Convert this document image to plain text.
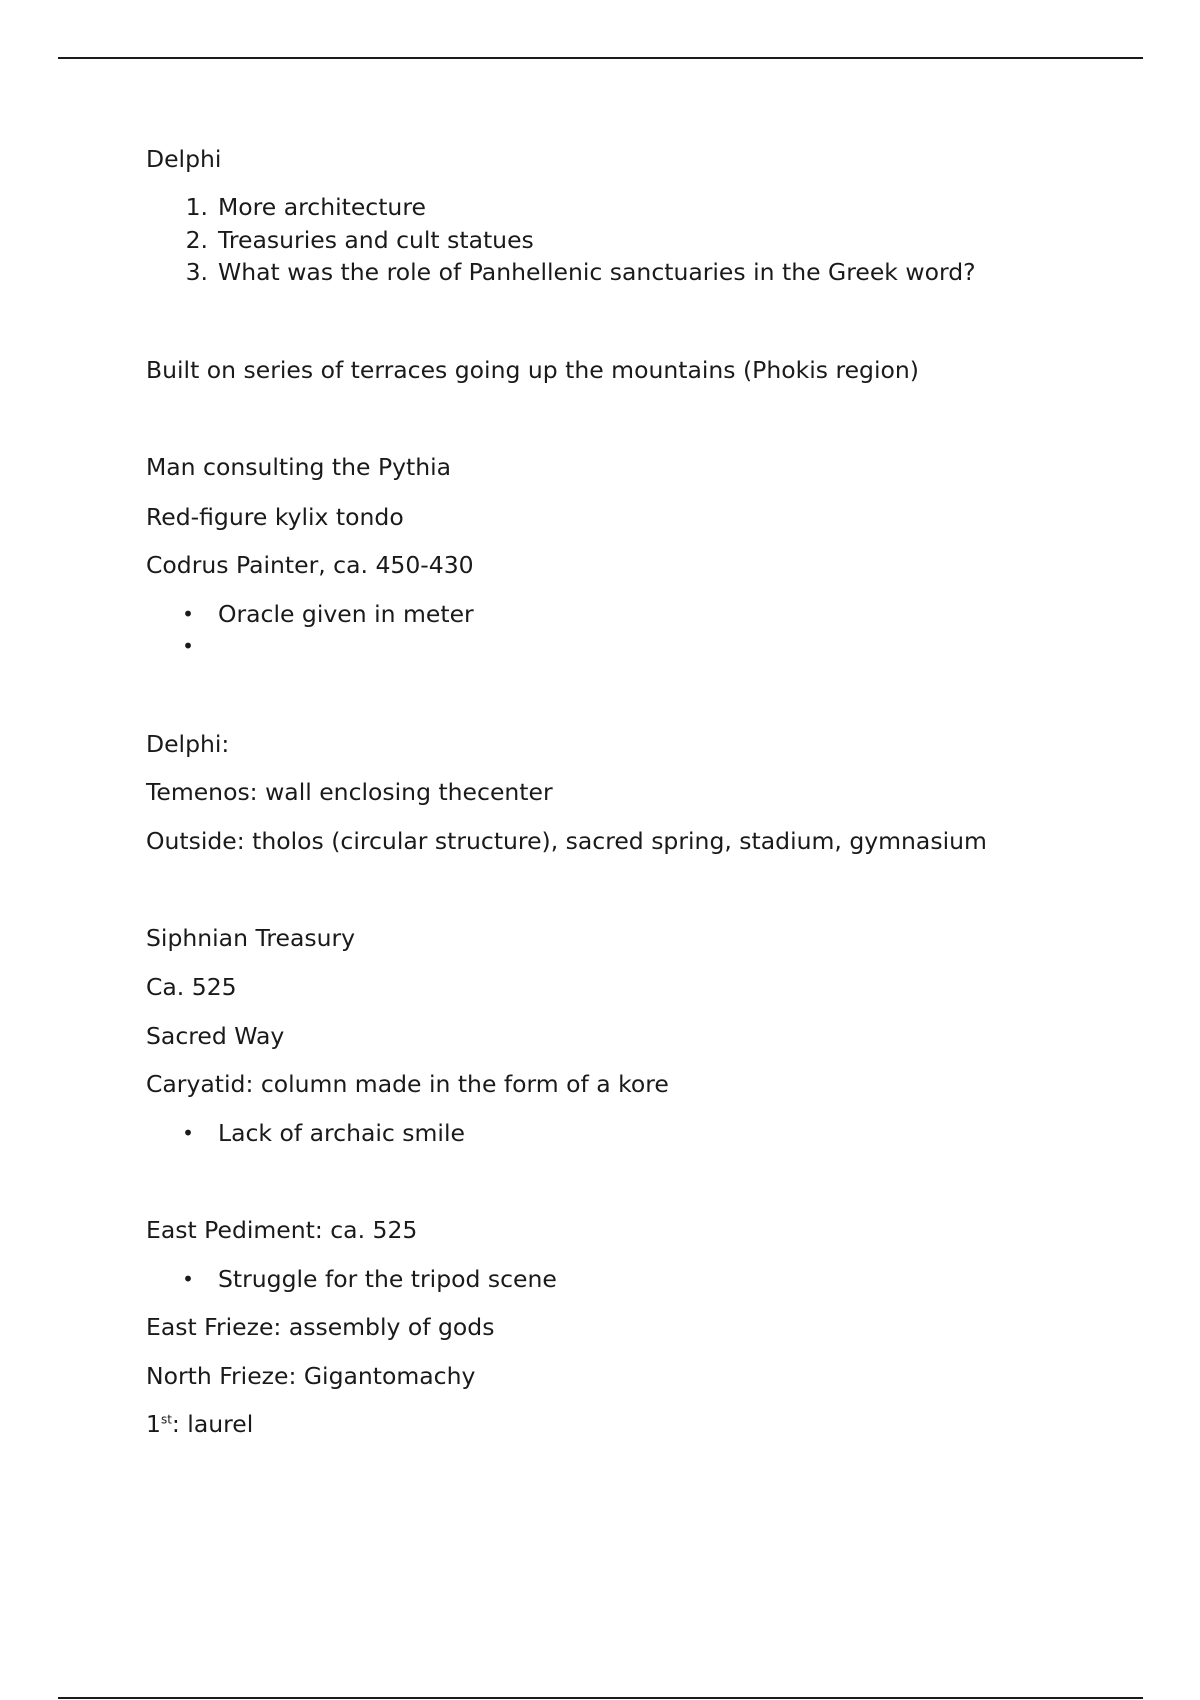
Delphi
1. More architecture
2. Treasuries and cult statues
3. What was the role of Panhellenic sanctuaries in the Greek word?
Built on series of terraces going up the mountains (Phokis region)
Man consulting the Pythia
Red-figure kylix tondo
Codrus Painter, ca. 450-430
• Oracle given in meter
•
Delphi:
Temenos: wall enclosing thecenter
Outside: tholos (circular structure), sacred spring, stadium, gymnasium
Siphnian Treasury
Ca. 525
Sacred Way
Caryatid: column made in the form of a kore
• Lack of archaic smile
East Pediment: ca. 525
• Struggle for the tripod scene
East Frieze: assembly of gods
North Frieze: Gigantomachy
1st: laurel
